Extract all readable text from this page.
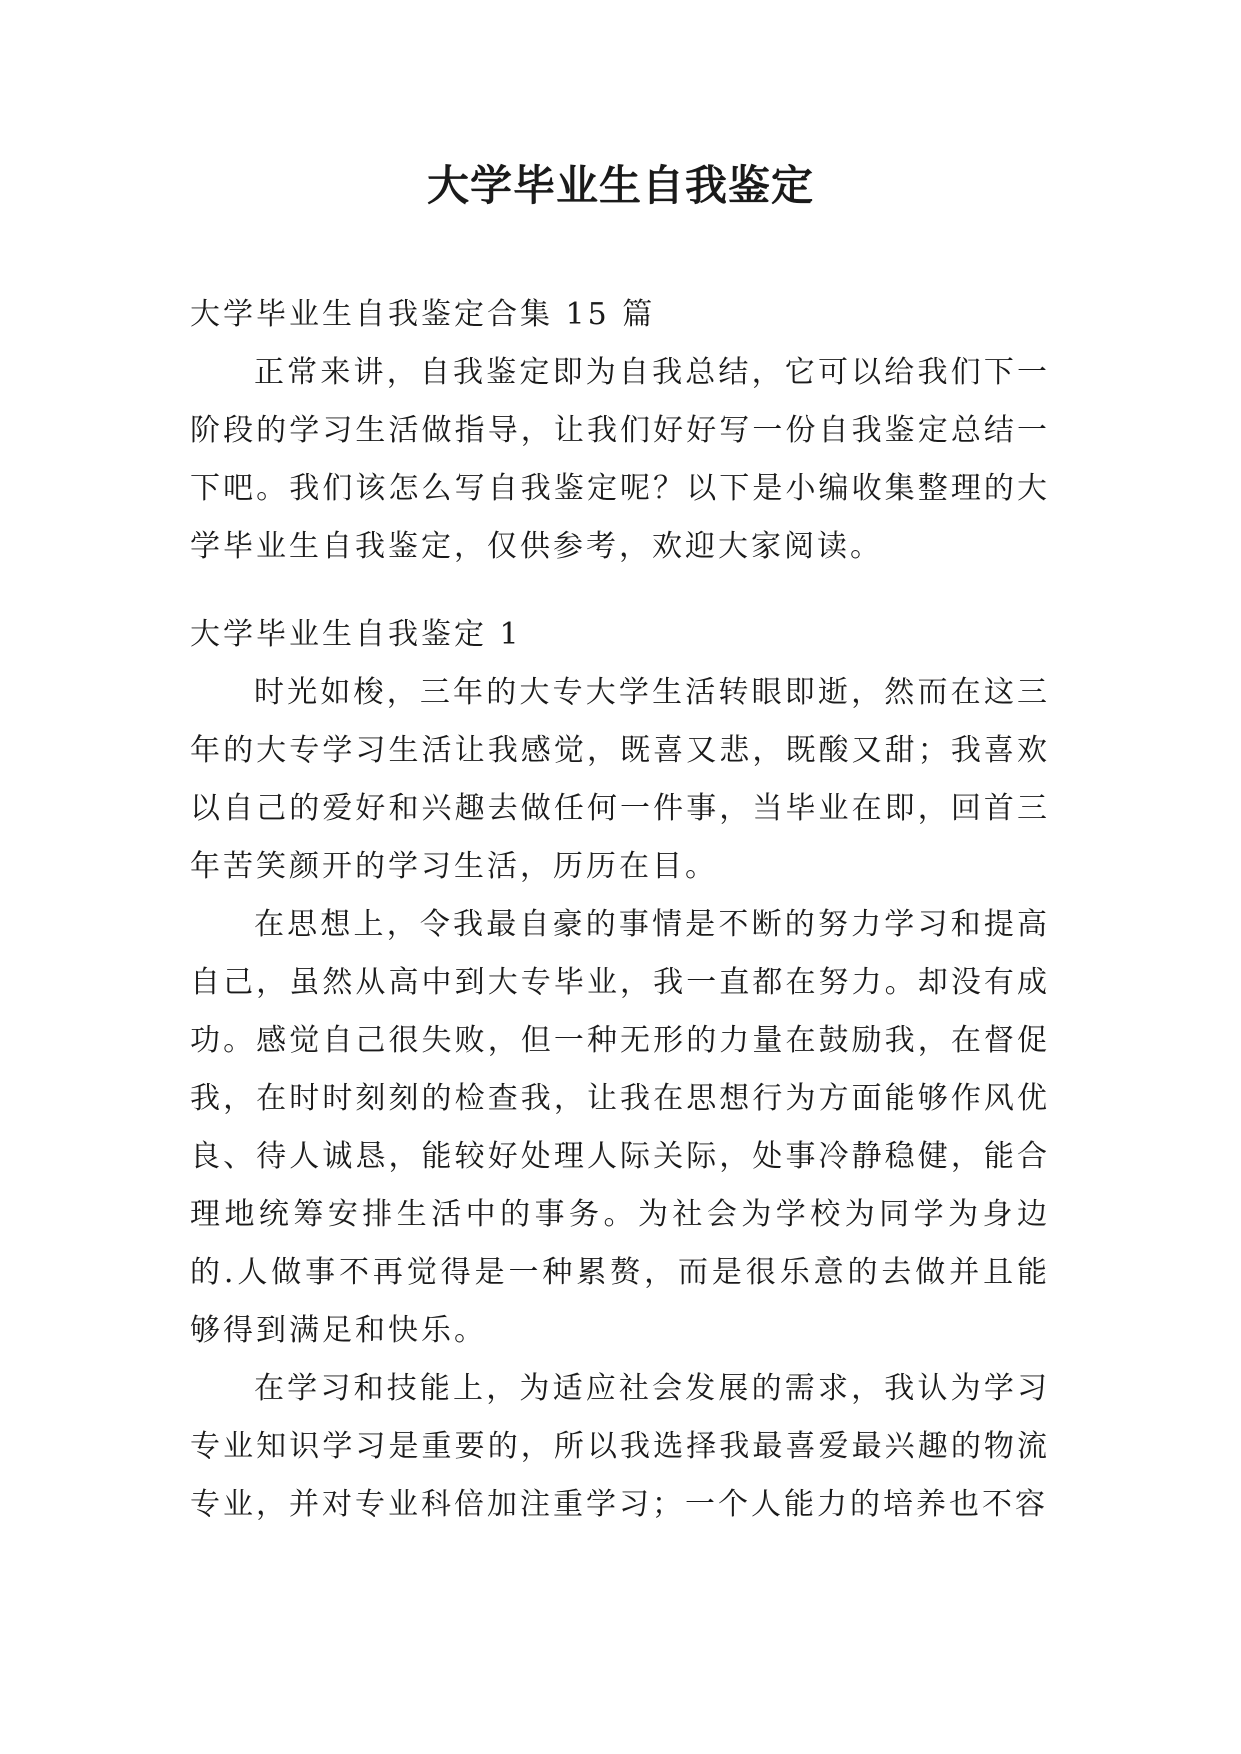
大学毕业生自我鉴定
大学毕业生自我鉴定合集 15 篇

正常来讲，自我鉴定即为自我总结，它可以给我们下一阶段的学习生活做指导，让我们好好写一份自我鉴定总结一下吧。我们该怎么写自我鉴定呢？以下是小编收集整理的大学毕业生自我鉴定，仅供参考，欢迎大家阅读。

大学毕业生自我鉴定 1

时光如梭，三年的大专大学生活转眼即逝，然而在这三年的大专学习生活让我感觉，既喜又悲，既酸又甜；我喜欢以自己的爱好和兴趣去做任何一件事，当毕业在即，回首三年苦笑颜开的学习生活，历历在目。

在思想上，令我最自豪的事情是不断的努力学习和提高自己，虽然从高中到大专毕业，我一直都在努力。却没有成功。感觉自己很失败，但一种无形的力量在鼓励我，在督促我，在时时刻刻的检查我，让我在思想行为方面能够作风优良、待人诚恳，能较好处理人际关际，处事冷静稳健，能合理地统筹安排生活中的事务。为社会为学校为同学为身边的.人做事不再觉得是一种累赘，而是很乐意的去做并且能够得到满足和快乐。

在学习和技能上，为适应社会发展的需求，我认为学习专业知识学习是重要的，所以我选择我最喜爱最兴趣的物流专业，并对专业科倍加注重学习；一个人能力的培养也不容
